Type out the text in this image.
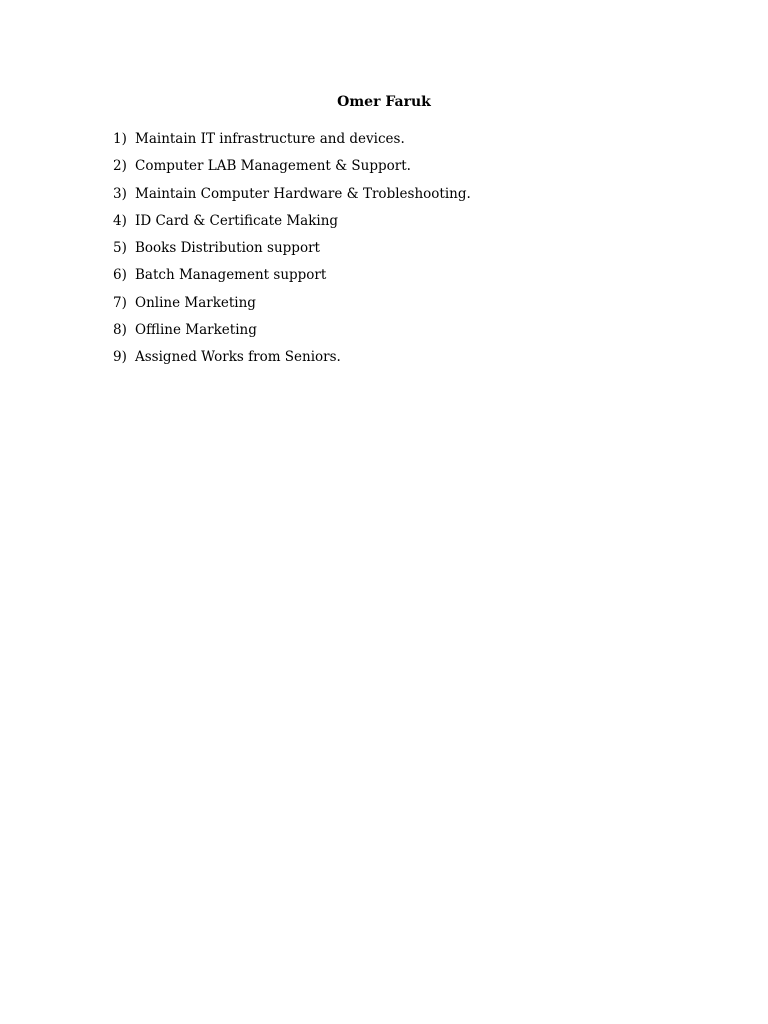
Omer Faruk
1) Maintain IT infrastructure and devices.
2) Computer LAB Management & Support.
3) Maintain Computer Hardware & Trobleshooting.
4) ID Card & Certificate Making
5) Books Distribution support
6) Batch Management support
7) Online Marketing
8) Offline Marketing
9) Assigned Works from Seniors.
